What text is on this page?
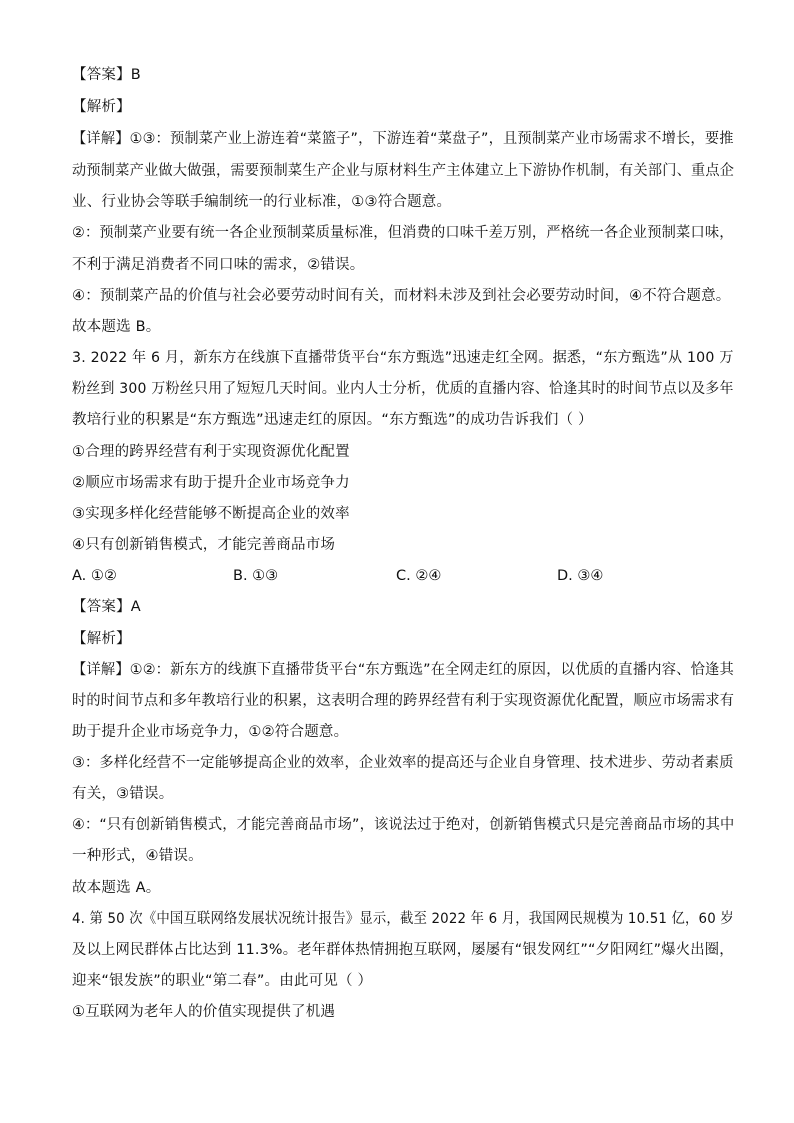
【答案】B
【解析】
【详解】①③：预制菜产业上游连着“菜篮子”，下游连着“菜盘子”，且预制菜产业市场需求不增长，要推
动预制菜产业做大做强，需要预制菜生产企业与原材料生产主体建立上下游协作机制，有关部门、重点企
业、行业协会等联手编制统一的行业标准，①③符合题意。
②：预制菜产业要有统一各企业预制菜质量标准，但消费的口味千差万别，严格统一各企业预制菜口味，
不利于满足消费者不同口味的需求，②错误。
④：预制菜产品的价值与社会必要劳动时间有关，而材料未涉及到社会必要劳动时间，④不符合题意。
故本题选 B。
3. 2022 年 6 月，新东方在线旗下直播带货平台“东方甄选”迅速走红全网。据悉，“东方甄选”从 100 万
粉丝到 300 万粉丝只用了短短几天时间。业内人士分析，优质的直播内容、恰逢其时的时间节点以及多年
教培行业的积累是“东方甄选”迅速走红的原因。“东方甄选”的成功告诉我们（ ）
①合理的跨界经营有利于实现资源优化配置
②顺应市场需求有助于提升企业市场竞争力
③实现多样化经营能够不断提高企业的效率
④只有创新销售模式，才能完善商品市场
A. ①②	B. ①③	C. ②④	D. ③④
【答案】A
【解析】
【详解】①②：新东方的线旗下直播带货平台“东方甄选”在全网走红的原因，以优质的直播内容、恰逢其
时的时间节点和多年教培行业的积累，这表明合理的跨界经营有利于实现资源优化配置，顺应市场需求有
助于提升企业市场竞争力，①②符合题意。
③：多样化经营不一定能够提高企业的效率，企业效率的提高还与企业自身管理、技术进步、劳动者素质
有关，③错误。
④：“只有创新销售模式，才能完善商品市场”，该说法过于绝对，创新销售模式只是完善商品市场的其中
一种形式，④错误。
故本题选 A。
4. 第 50 次《中国互联网络发展状况统计报告》显示，截至 2022 年 6 月，我国网民规模为 10.51 亿，60 岁
及以上网民群体占比达到 11.3%。老年群体热情拥抱互联网，屡屡有“银发网红”“夕阳网红”爆火出圈，
迎来“银发族”的职业“第二春”。由此可见（ ）
①互联网为老年人的价值实现提供了机遇
